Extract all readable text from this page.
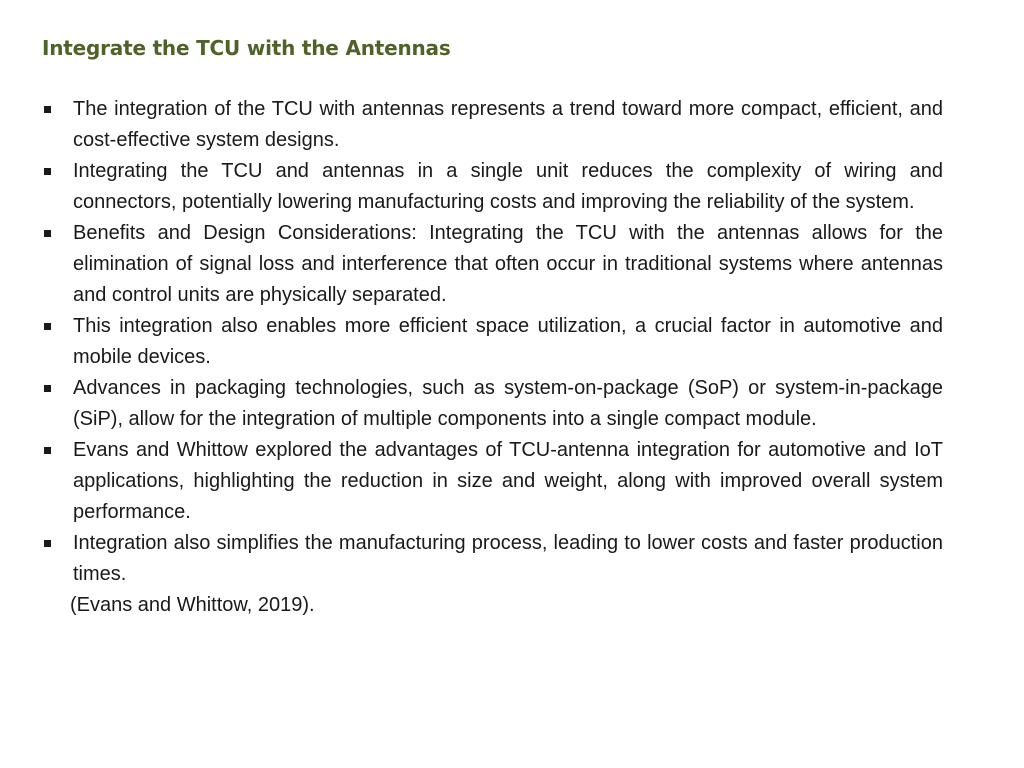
Integrate the TCU with the Antennas
The integration of the TCU with antennas represents a trend toward more compact, efficient, and cost-effective system designs.
Integrating the TCU and antennas in a single unit reduces the complexity of wiring and connectors, potentially lowering manufacturing costs and improving the reliability of the system.
Benefits and Design Considerations: Integrating the TCU with the antennas allows for the elimination of signal loss and interference that often occur in traditional systems where antennas and control units are physically separated.
This integration also enables more efficient space utilization, a crucial factor in automotive and mobile devices.
Advances in packaging technologies, such as system-on-package (SoP) or system-in-package (SiP), allow for the integration of multiple components into a single compact module.
Evans and Whittow explored the advantages of TCU-antenna integration for automotive and IoT applications, highlighting the reduction in size and weight, along with improved overall system performance.
Integration also simplifies the manufacturing process, leading to lower costs and faster production times.
(Evans and Whittow, 2019).
